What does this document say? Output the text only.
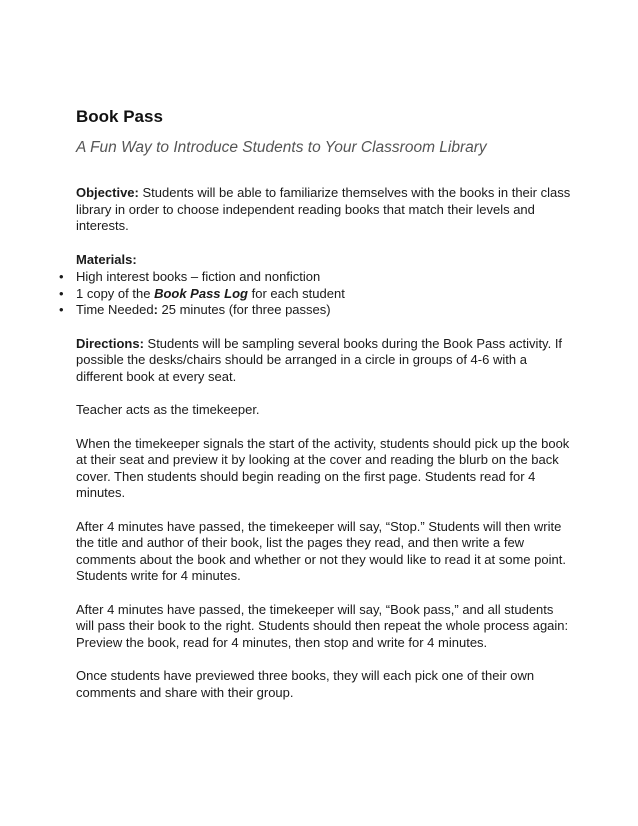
Book Pass
A Fun Way to Introduce Students to Your Classroom Library

Objective: Students will be able to familiarize themselves with the books in their class library in order to choose independent reading books that match their levels and interests.

Materials:

• High interest books – fiction and nonfiction
• 1 copy of the Book Pass Log for each student
• Time Needed: 25 minutes (for three passes)

Directions: Students will be sampling several books during the Book Pass activity. If possible the desks/chairs should be arranged in a circle in groups of 4-6 with a different book at every seat.

Teacher acts as the timekeeper.

When the timekeeper signals the start of the activity, students should pick up the book at their seat and preview it by looking at the cover and reading the blurb on the back cover. Then students should begin reading on the first page. Students read for 4 minutes.

After 4 minutes have passed, the timekeeper will say, “Stop.” Students will then write the title and author of their book, list the pages they read, and then write a few comments about the book and whether or not they would like to read it at some point. Students write for 4 minutes.

After 4 minutes have passed, the timekeeper will say, “Book pass,” and all students will pass their book to the right. Students should then repeat the whole process again: Preview the book, read for 4 minutes, then stop and write for 4 minutes.

Once students have previewed three books, they will each pick one of their own comments and share with their group.
